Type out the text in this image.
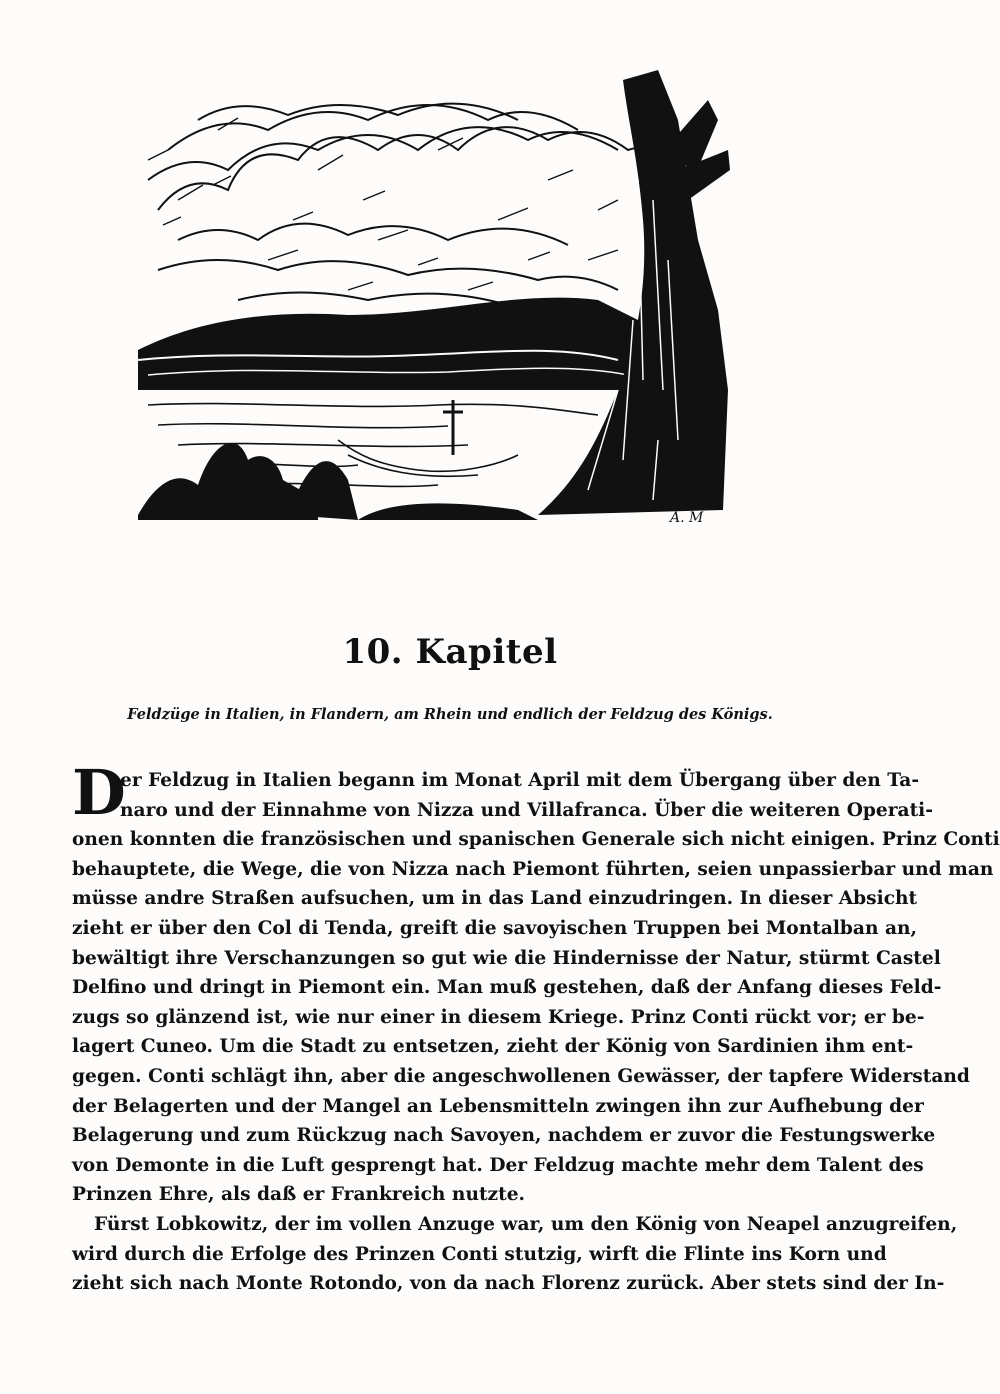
A. M
10. Kapitel
Feldzüge in Italien, in Flandern, am Rhein und endlich der Feldzug des Königs.
D
er Feldzug in Italien begann im Monat April mit dem Übergang über den Ta-
naro und der Einnahme von Nizza und Villafranca. Über die weiteren Operati-
onen konnten die französischen und spanischen Generale sich nicht einigen. Prinz Conti
behauptete, die Wege, die von Nizza nach Piemont führten, seien unpassierbar und man
müsse andre Straßen aufsuchen, um in das Land einzudringen. In dieser Absicht
zieht er über den Col di Tenda, greift die savoyischen Truppen bei Montalban an,
bewältigt ihre Verschanzungen so gut wie die Hindernisse der Natur, stürmt Castel
Delfino und dringt in Piemont ein. Man muß gestehen, daß der Anfang dieses Feld-
zugs so glänzend ist, wie nur einer in diesem Kriege. Prinz Conti rückt vor; er be-
lagert Cuneo. Um die Stadt zu entsetzen, zieht der König von Sardinien ihm ent-
gegen. Conti schlägt ihn, aber die angeschwollenen Gewässer, der tapfere Widerstand
der Belagerten und der Mangel an Lebensmitteln zwingen ihn zur Aufhebung der
Belagerung und zum Rückzug nach Savoyen, nachdem er zuvor die Festungswerke
von Demonte in die Luft gesprengt hat. Der Feldzug machte mehr dem Talent des
Prinzen Ehre, als daß er Frankreich nutzte.
Fürst Lobkowitz, der im vollen Anzuge war, um den König von Neapel anzugreifen,
wird durch die Erfolge des Prinzen Conti stutzig, wirft die Flinte ins Korn und
zieht sich nach Monte Rotondo, von da nach Florenz zurück. Aber stets sind der In-
